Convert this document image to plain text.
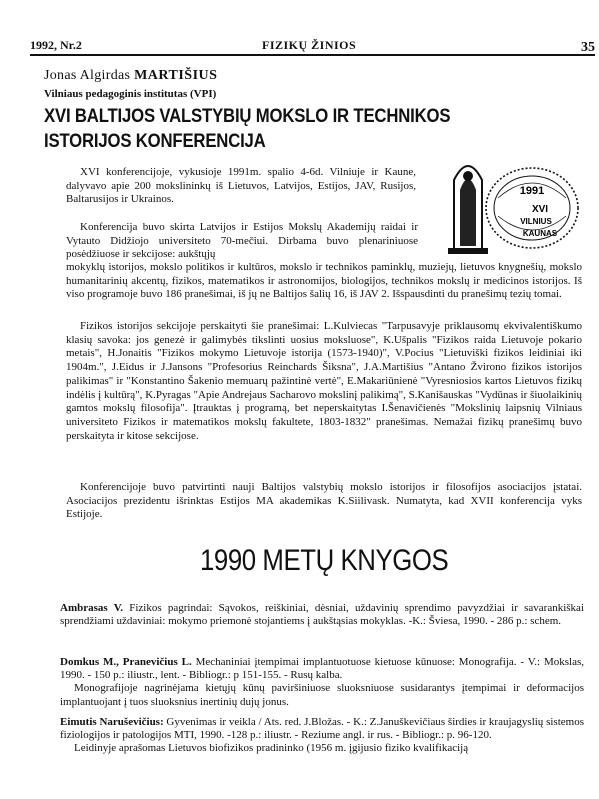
1992, Nr.2	FIZIKŲ ŽINIOS	35
Jonas Algirdas MARTIŠIUS
Vilniaus pedagoginis institutas (VPI)
XVI BALTIJOS VALSTYBIŲ MOKSLO IR TECHNIKOS ISTORIJOS KONFERENCIJA
1991
XVI
VILNIUS
KAUNAS
XVI konferencijoje, vykusioje 1991m. spalio 4-6d. Vilniuje ir Kaune, dalyvavo apie 200 mokslininkų iš Lietuvos, Latvijos, Estijos, JAV, Rusijos, Baltarusijos ir Ukrainos.
Konferencija buvo skirta Latvijos ir Estijos Mokslų Akademijų raidai ir Vytauto Didžiojo universiteto 70-mečiui. Dirbama buvo plenariniuose posėdžiuose ir sekcijose: aukštųjų
mokyklų istorijos, mokslo politikos ir kultūros, mokslo ir technikos paminklų, muziejų, lietuvos knygnešių, mokslo humanitarinių akcentų, fizikos, matematikos ir astronomijos, biologijos, technikos mokslų ir medicinos istorijos. Iš viso programoje buvo 186 pranešimai, iš jų ne Baltijos šalių 16, iš JAV 2. Išspausdinti du pranešimų tezių tomai.
Fizikos istorijos sekcijoje perskaityti šie pranešimai: L.Kulviecas "Tarpusavyje priklausomų ekvivalentiškumo klasių savoka: jos genezė ir galimybės tikslinti uosius moksluose", K.Ušpalis "Fizikos raida Lietuvoje pokario metais", H.Jonaitis "Fizikos mokymo Lietuvoje istorija (1573-1940)", V.Pocius "Lietuviški fizikos leidiniai iki 1904m.", J.Eidus ir J.Jansons "Profesorius Reinchards Šiksna", J.A.Martišius "Antano Žvirono fizikos istorijos palikimas" ir "Konstantino Šakenio memuarų pažintinė vertė", E.Makariūnienė "Vyresniosios kartos Lietuvos fizikų indėlis į kultūrą", K.Pyragas "Apie Andrejaus Sacharovo mokslinį palikimą", S.Kanišauskas "Vydūnas ir šiuolaikinių gamtos mokslų filosofija". Įtrauktas į programą, bet neperskaitytas I.Šenavičienės "Mokslinių laipsnių Vilniaus universiteto Fizikos ir matematikos mokslų fakultete, 1803-1832" pranešimas. Nemažai fizikų pranešimų buvo perskaityta ir kitose sekcijose.
Konferencijoje buvo patvirtinti nauji Baltijos valstybių mokslo istorijos ir filosofijos asociacijos įstatai. Asociacijos prezidentu išrinktas Estijos MA akademikas K.Siilivask. Numatyta, kad XVII konferencija vyks Estijoje.
1990 METŲ KNYGOS
Ambrasas V. Fizikos pagrindai: Sąvokos, reiškiniai, dėsniai, uždavinių sprendimo pavyzdžiai ir savarankiškai sprendžiami uždaviniai: mokymo priemonė stojantiems į aukštąsias mokyklas. -K.: Šviesa, 1990. - 286 p.: schem.
Domkus M., Pranevičius L. Mechaniniai įtempimai implantuotuose kietuose kūnuose: Monografija. - V.: Mokslas, 1990. - 150 p.: iliustr., lent. - Bibliogr.: p 151-155. - Rusų kalba.
Monografijoje nagrinėjama kietųjų kūnų paviršiniuose sluoksniuose susidarantys įtempimai ir deformacijos implantuojant į tuos sluoksnius inertinių dujų jonus.
Eimutis Naruševičius: Gyvenimas ir veikla / Ats. red. J.Bložas. - K.: Z.Januškevičiaus širdies ir kraujagyslių sistemos fiziologijos ir patologijos MTI, 1990. -128 p.: iliustr. - Reziume angl. ir rus. - Bibliogr.: p. 96-120.
Leidinyje aprašomas Lietuvos biofizikos pradininko (1956 m. įgijusio fiziko kvalifikaciją
